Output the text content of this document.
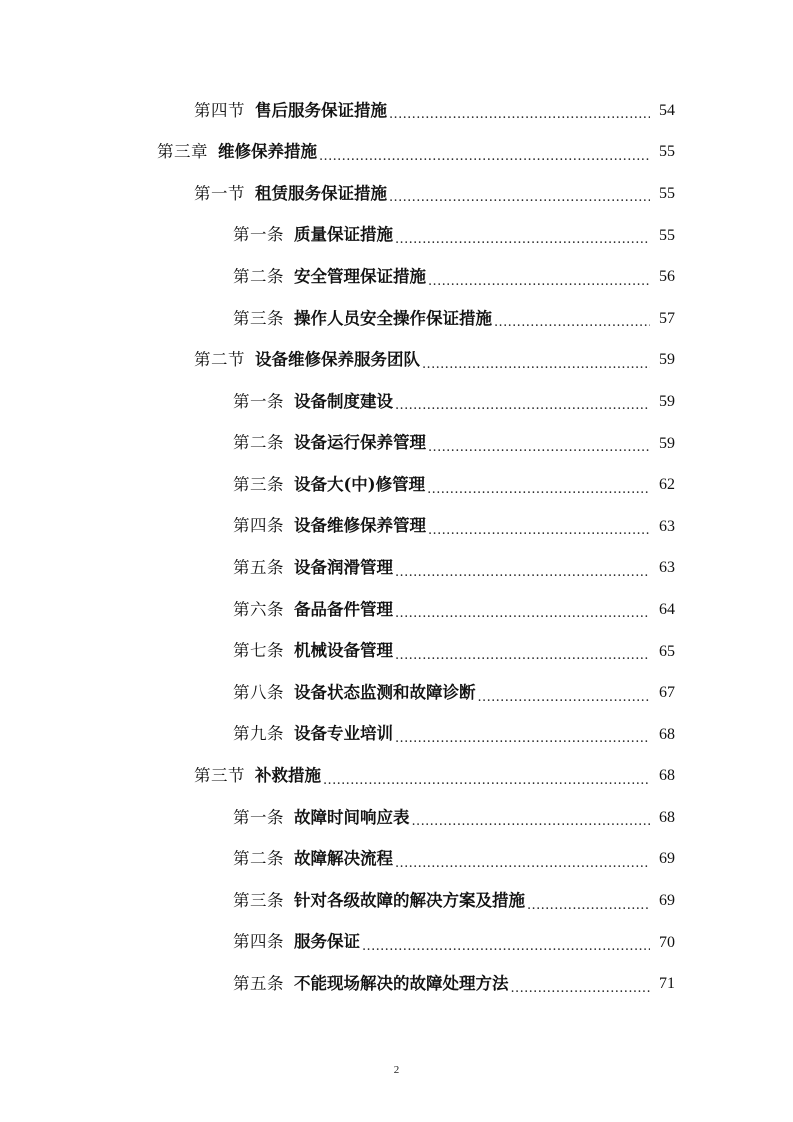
第四节 售后服务保证措施 .....	54
第三章 维修保养措施 .....	55
第一节 租赁服务保证措施 .....	55
第一条 质量保证措施 .....	55
第二条 安全管理保证措施 .....	56
第三条 操作人员安全操作保证措施 .....	57
第二节 设备维修保养服务团队 .....	59
第一条 设备制度建设 .....	59
第二条 设备运行保养管理 .....	59
第三条 设备大(中)修管理 .....	62
第四条 设备维修保养管理 .....	63
第五条 设备润滑管理 .....	63
第六条 备品备件管理 .....	64
第七条 机械设备管理 .....	65
第八条 设备状态监测和故障诊断 .....	67
第九条 设备专业培训 .....	68
第三节 补救措施 .....	68
第一条 故障时间响应表 .....	68
第二条 故障解决流程 .....	69
第三条 针对各级故障的解决方案及措施 .....	69
第四条 服务保证 .....	70
第五条 不能现场解决的故障处理方法 .....	71
2
